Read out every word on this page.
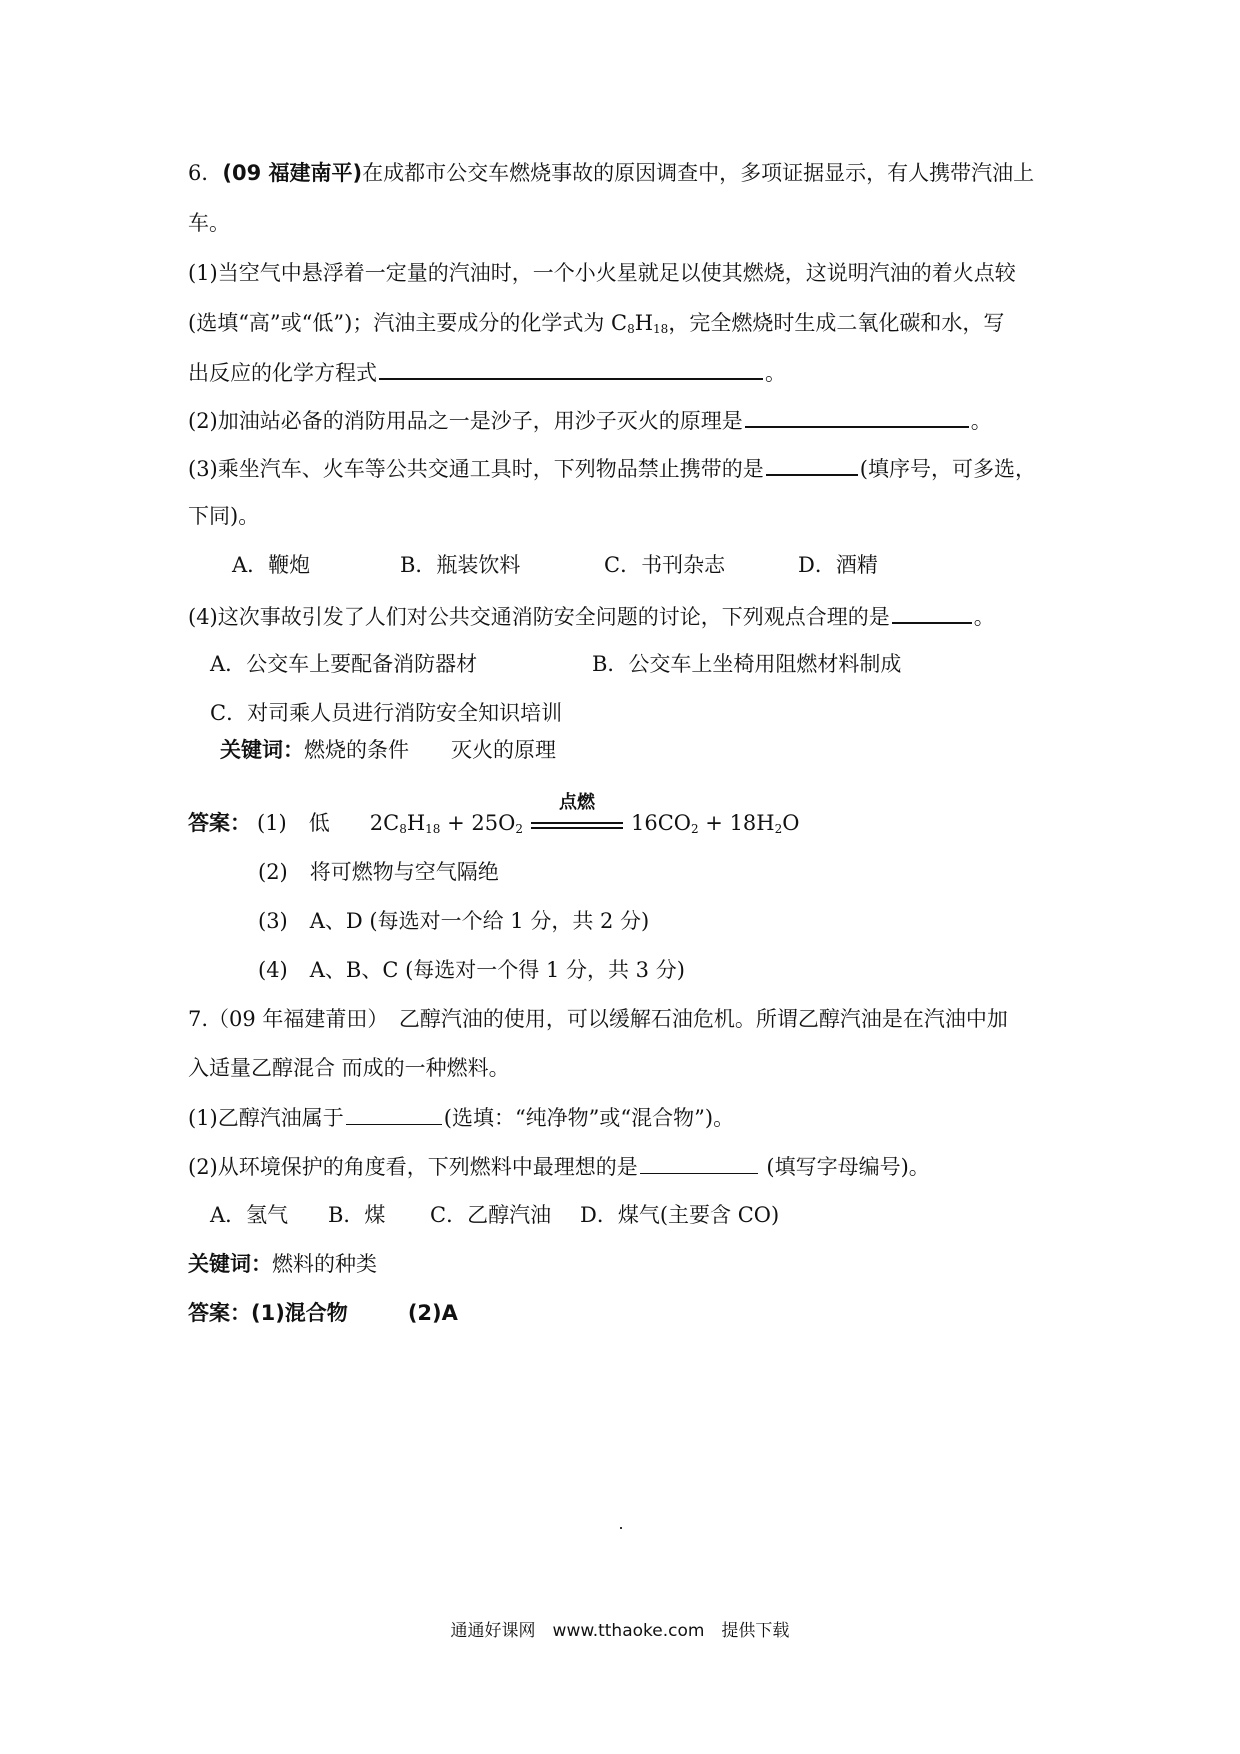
6．(09 福建南平)在成都市公交车燃烧事故的原因调查中，多项证据显示，有人携带汽油上
车。
(1)当空气中悬浮着一定量的汽油时，一个小火星就足以使其燃烧，这说明汽油的着火点较
(选填“高”或“低”)；汽油主要成分的化学式为 $C_8H_{18}$，完全燃烧时生成二氧化碳和水，写
出反应的化学方程式	。
(2)加油站必备的消防用品之一是沙子，用沙子灭火的原理是	。
(3)乘坐汽车、火车等公共交通工具时，下列物品禁止携带的是	(填序号，可多选，
下同)。
A．鞭炮	B．瓶装饮料	C．书刊杂志	D．酒精
(4)这次事故引发了人们对公共交通消防安全问题的讨论，下列观点合理的是	。
A．公交车上要配备消防器材	B．公交车上坐椅用阻燃材料制成
C．对司乘人员进行消防安全知识培训
关键词：燃烧的条件　　灭火的原理
答案： (1) 低 $2C_8H_{18} + 25O_2$
点燃
$16CO_2 + 18H_2O$
(2) 将可燃物与空气隔绝
(3) A、D (每选对一个给 1 分，共 2 分)
(4) A、B、C (每选对一个得 1 分，共 3 分)
7.（09 年福建莆田）　乙醇汽油的使用，可以缓解石油危机。所谓乙醇汽油是在汽油中加
入适量乙醇混合 而成的一种燃料。
(1)乙醇汽油属于	(选填：“纯净物”或“混合物”)。
(2)从环境保护的角度看，下列燃料中最理想的是	(填写字母编号)。
A．氢气 B．煤 C．乙醇汽油 D．煤气(主要含 CO)
关键词：燃料的种类
答案：(1)混合物	(2)A
通通好课网　www.tthaoke.com　提供下载
